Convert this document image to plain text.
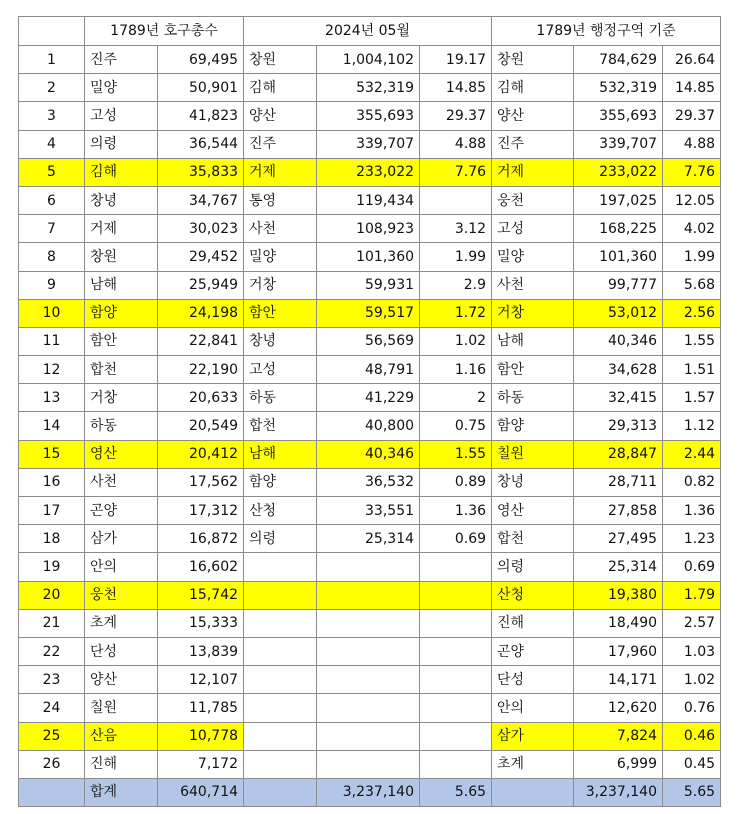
	1789년 호구총수		2024년 05월			1789년 행정구역 기준		
1	진주	69,495	창원	1,004,102	19.17	창원	784,629	26.64
2	밀양	50,901	김해	532,319	14.85	김해	532,319	14.85
3	고성	41,823	양산	355,693	29.37	양산	355,693	29.37
4	의령	36,544	진주	339,707	4.88	진주	339,707	4.88
5	김해	35,833	거제	233,022	7.76	거제	233,022	7.76
6	창녕	34,767	통영	119,434		웅천	197,025	12.05
7	거제	30,023	사천	108,923	3.12	고성	168,225	4.02
8	창원	29,452	밀양	101,360	1.99	밀양	101,360	1.99
9	남해	25,949	거창	59,931	2.9	사천	99,777	5.68
10	함양	24,198	함안	59,517	1.72	거창	53,012	2.56
11	함안	22,841	창녕	56,569	1.02	남해	40,346	1.55
12	합천	22,190	고성	48,791	1.16	함안	34,628	1.51
13	거창	20,633	하동	41,229	2	하동	32,415	1.57
14	하동	20,549	합천	40,800	0.75	함양	29,313	1.12
15	영산	20,412	남해	40,346	1.55	칠원	28,847	2.44
16	사천	17,562	함양	36,532	0.89	창녕	28,711	0.82
17	곤양	17,312	산청	33,551	1.36	영산	27,858	1.36
18	삼가	16,872	의령	25,314	0.69	합천	27,495	1.23
19	안의	16,602				의령	25,314	0.69
20	웅천	15,742				산청	19,380	1.79
21	초계	15,333				진해	18,490	2.57
22	단성	13,839				곤양	17,960	1.03
23	양산	12,107				단성	14,171	1.02
24	칠원	11,785				안의	12,620	0.76
25	산음	10,778				삼가	7,824	0.46
26	진해	7,172				초계	6,999	0.45
	합계	640,714		3,237,140	5.65		3,237,140	5.65
